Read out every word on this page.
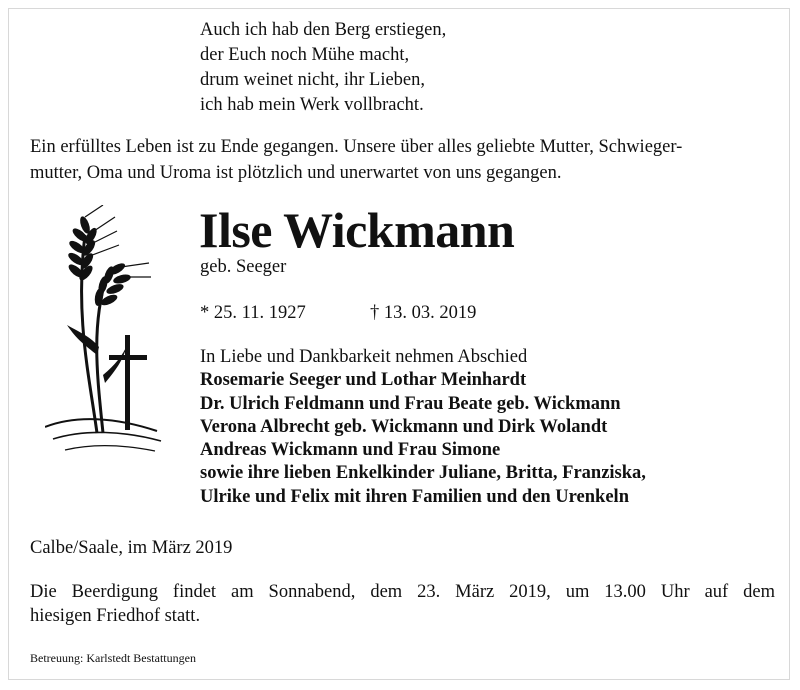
Auch ich hab den Berg erstiegen,
der Euch noch Mühe macht,
drum weinet nicht, ihr Lieben,
ich hab mein Werk vollbracht.
Ein erfülltes Leben ist zu Ende gegangen. Unsere über alles geliebte Mutter, Schwieger-
mutter, Oma und Uroma ist plötzlich und unerwartet von uns gegangen.
Ilse Wickmann
geb. Seeger
* 25. 11. 1927	† 13. 03. 2019
In Liebe und Dankbarkeit nehmen Abschied
Rosemarie Seeger und Lothar Meinhardt
Dr. Ulrich Feldmann und Frau Beate geb. Wickmann
Verona Albrecht geb. Wickmann und Dirk Wolandt
Andreas Wickmann und Frau Simone
sowie ihre lieben Enkelkinder Juliane, Britta, Franziska,
Ulrike und Felix mit ihren Familien und den Urenkeln
Calbe/Saale, im März 2019
Die Beerdigung findet am Sonnabend, dem 23. März 2019, um 13.00 Uhr auf dem
hiesigen Friedhof statt.
Betreuung: Karlstedt Bestattungen
